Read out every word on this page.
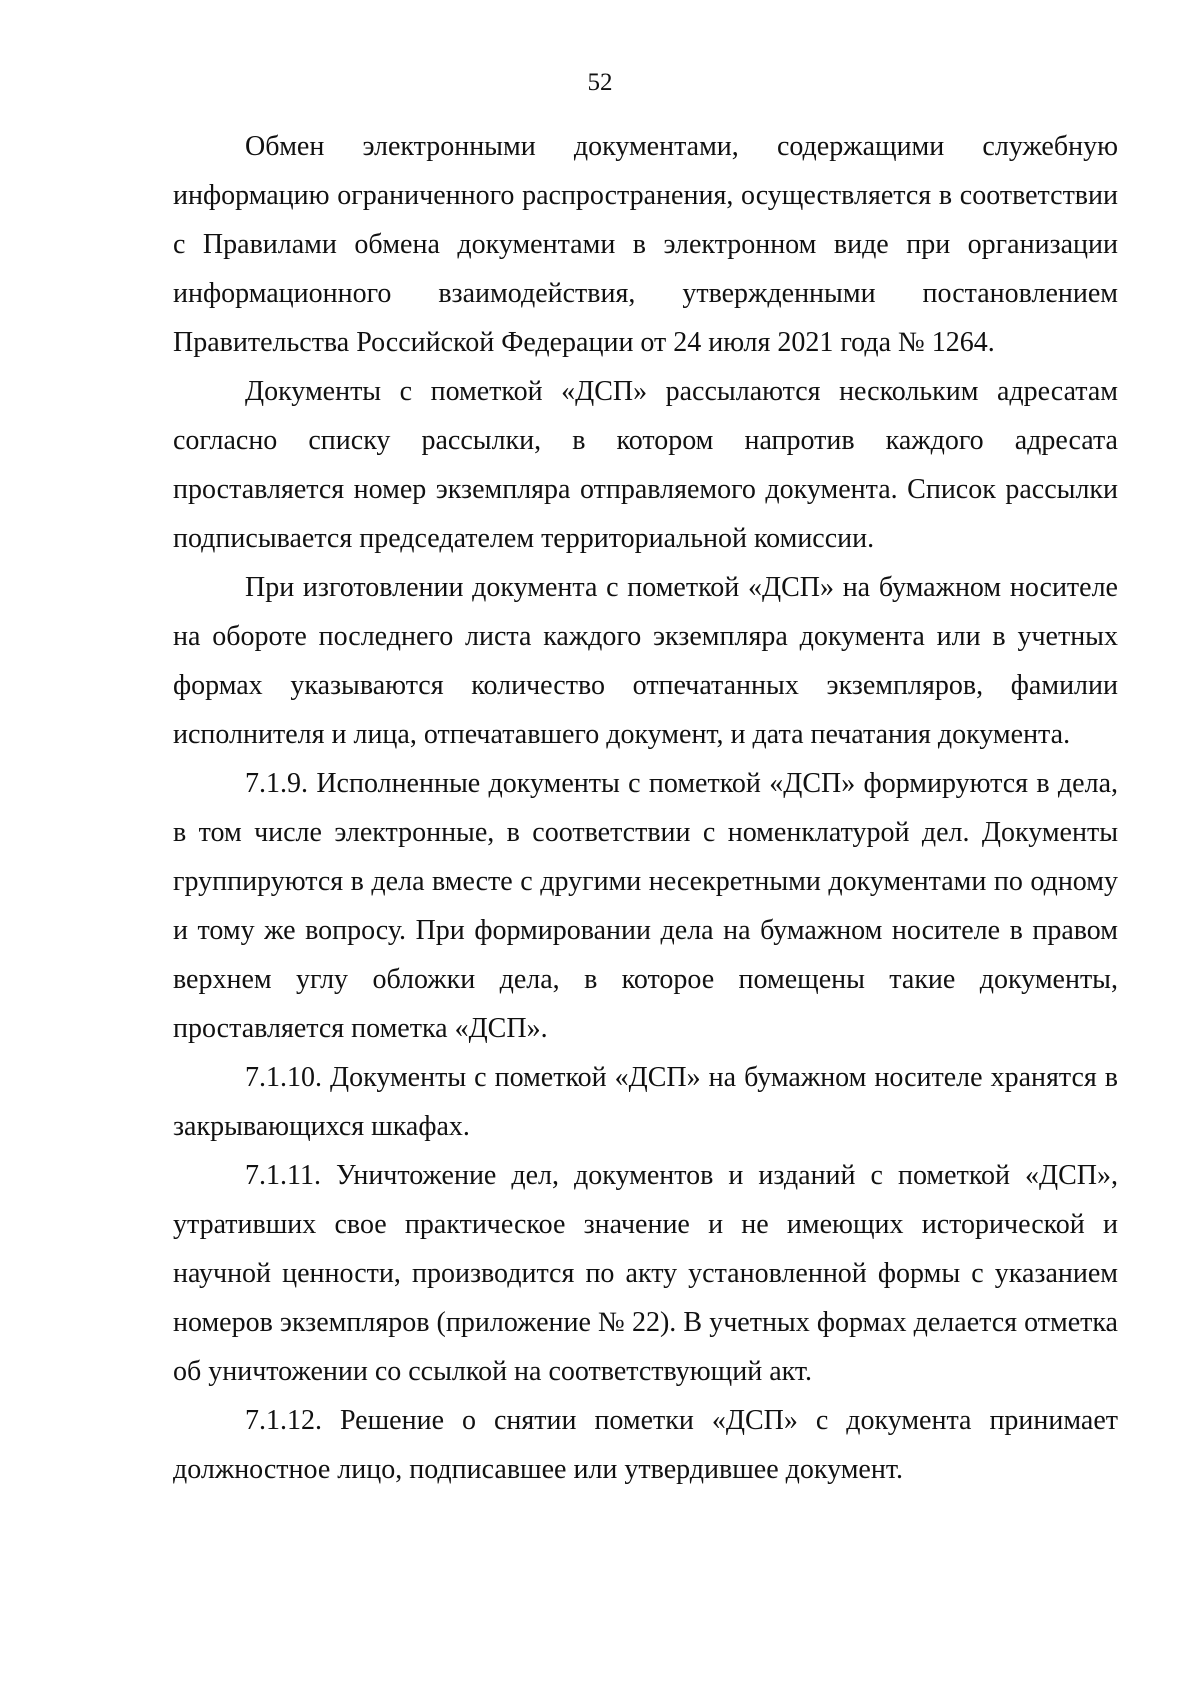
52

Обмен электронными документами, содержащими служебную информацию ограниченного распространения, осуществляется в соответствии с Правилами обмена документами в электронном виде при организации информационного взаимодействия, утвержденными постановлением Правительства Российской Федерации от 24 июля 2021 года № 1264.

Документы с пометкой «ДСП» рассылаются нескольким адресатам согласно списку рассылки, в котором напротив каждого адресата проставляется номер экземпляра отправляемого документа. Список рассылки подписывается председателем территориальной комиссии.

При изготовлении документа с пометкой «ДСП» на бумажном носителе на обороте последнего листа каждого экземпляра документа или в учетных формах указываются количество отпечатанных экземпляров, фамилии исполнителя и лица, отпечатавшего документ, и дата печатания документа.

7.1.9. Исполненные документы с пометкой «ДСП» формируются в дела, в том числе электронные, в соответствии с номенклатурой дел. Документы группируются в дела вместе с другими несекретными документами по одному и тому же вопросу. При формировании дела на бумажном носителе в правом верхнем углу обложки дела, в которое помещены такие документы, проставляется пометка «ДСП».

7.1.10. Документы с пометкой «ДСП» на бумажном носителе хранятся в закрывающихся шкафах.

7.1.11. Уничтожение дел, документов и изданий с пометкой «ДСП», утративших свое практическое значение и не имеющих исторической и научной ценности, производится по акту установленной формы с указанием номеров экземпляров (приложение № 22). В учетных формах делается отметка об уничтожении со ссылкой на соответствующий акт.

7.1.12. Решение о снятии пометки «ДСП» с документа принимает должностное лицо, подписавшее или утвердившее документ.
